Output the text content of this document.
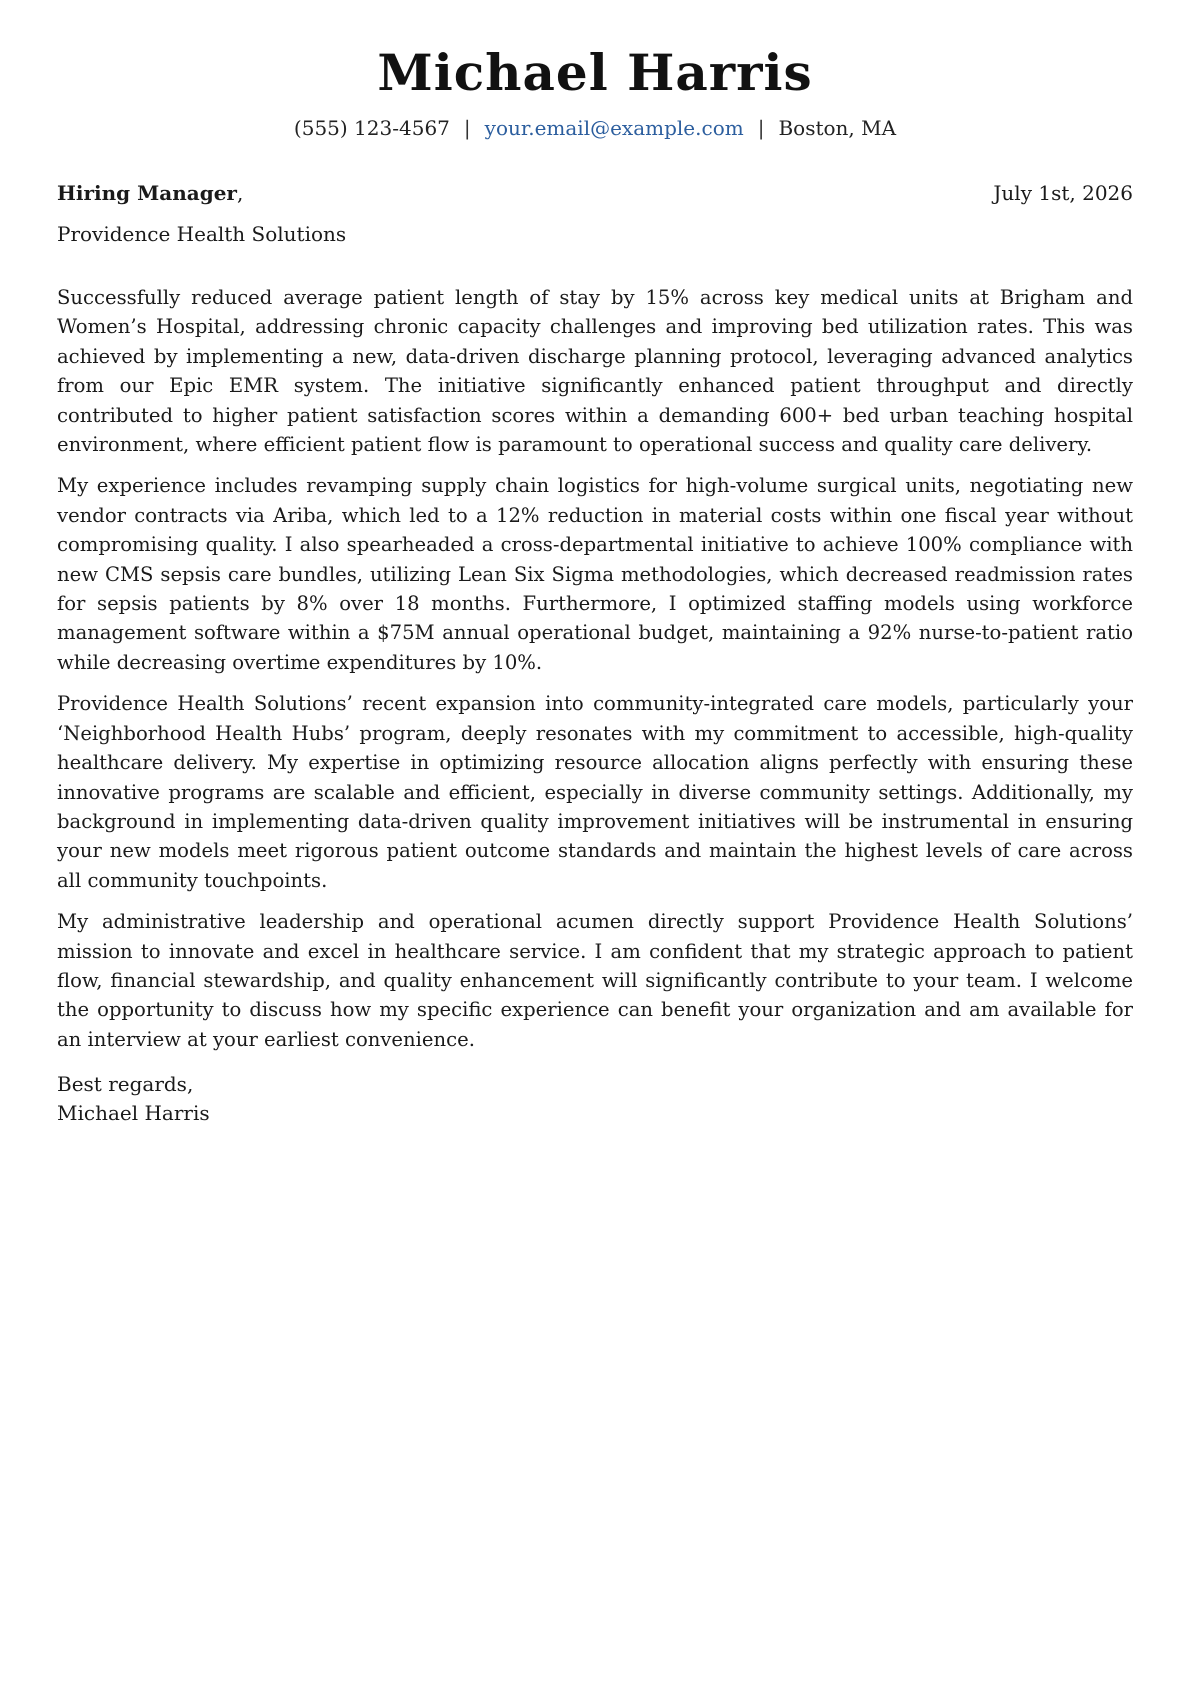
Michael Harris
(555) 123-4567 | your.email@example.com | Boston, MA
Hiring Manager,	July 1st, 2026
Providence Health Solutions

Successfully reduced average patient length of stay by 15% across key medical units at Brigham and Women’s Hospital, addressing chronic capacity challenges and improving bed utilization rates. This was achieved by implementing a new, data-driven discharge planning protocol, leveraging advanced analytics from our Epic EMR system. The initiative significantly enhanced patient throughput and directly contributed to higher patient satisfaction scores within a demanding 600+ bed urban teaching hospital environment, where efficient patient flow is paramount to operational success and quality care delivery.

My experience includes revamping supply chain logistics for high-volume surgical units, negotiating new vendor contracts via Ariba, which led to a 12% reduction in material costs within one fiscal year without compromising quality. I also spearheaded a cross-departmental initiative to achieve 100% compliance with new CMS sepsis care bundles, utilizing Lean Six Sigma methodologies, which decreased readmission rates for sepsis patients by 8% over 18 months. Furthermore, I optimized staffing models using workforce management software within a $75M annual operational budget, maintaining a 92% nurse-to-patient ratio while decreasing overtime expenditures by 10%.

Providence Health Solutions’ recent expansion into community-integrated care models, particularly your ‘Neighborhood Health Hubs’ program, deeply resonates with my commitment to accessible, high-quality healthcare delivery. My expertise in optimizing resource allocation aligns perfectly with ensuring these innovative programs are scalable and efficient, especially in diverse community settings. Additionally, my background in implementing data-driven quality improvement initiatives will be instrumental in ensuring your new models meet rigorous patient outcome standards and maintain the highest levels of care across all community touchpoints.

My administrative leadership and operational acumen directly support Providence Health Solutions’ mission to innovate and excel in healthcare service. I am confident that my strategic approach to patient flow, financial stewardship, and quality enhancement will significantly contribute to your team. I welcome the opportunity to discuss how my specific experience can benefit your organization and am available for an interview at your earliest convenience.

Best regards,
Michael Harris
